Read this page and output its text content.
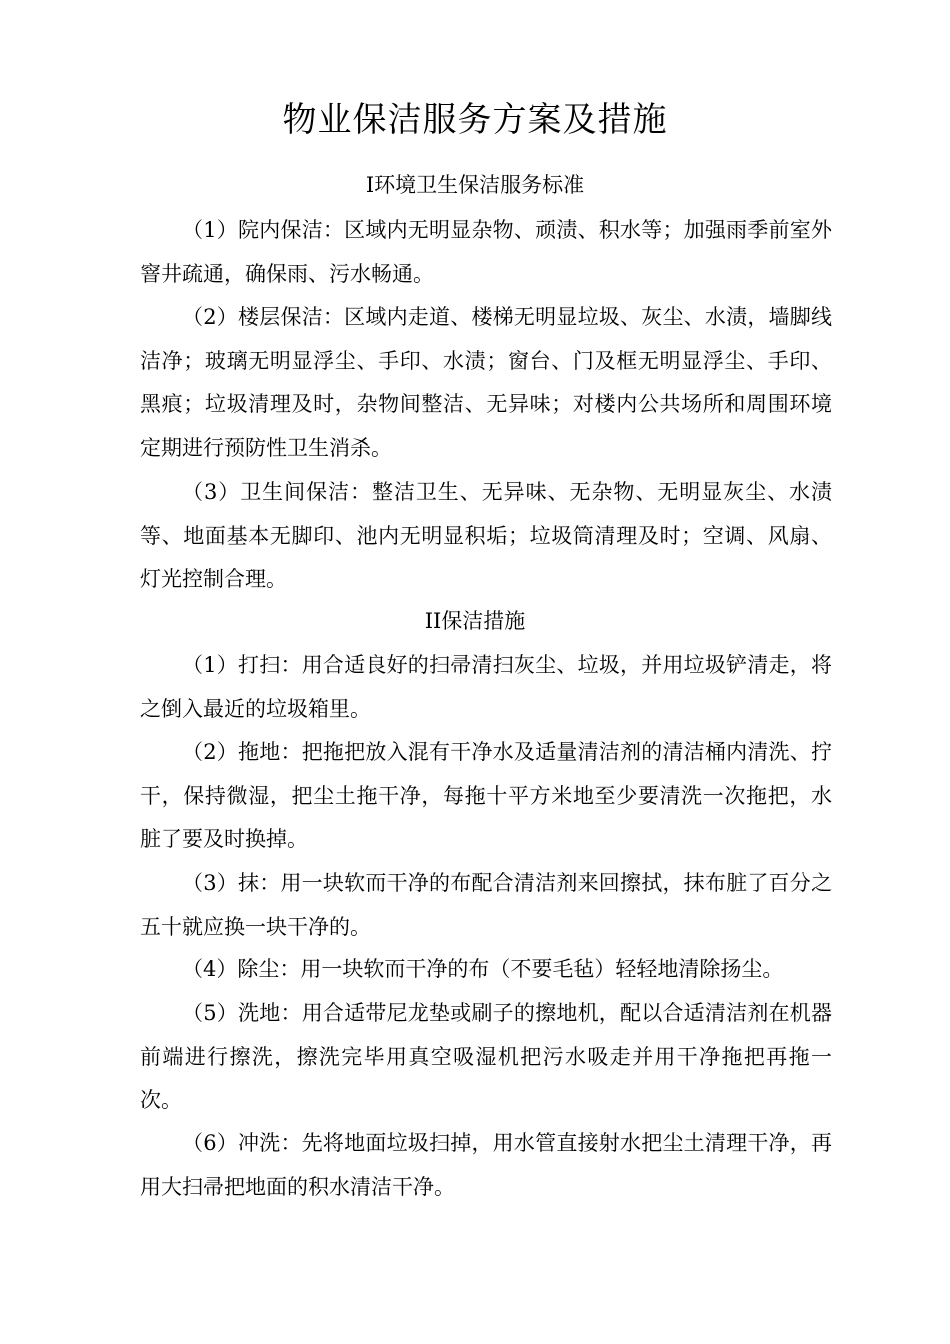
物业保洁服务方案及措施
I环境卫生保洁服务标准

（1）院内保洁：区域内无明显杂物、顽渍、积水等；加强雨季前室外窨井疏通，确保雨、污水畅通。

（2）楼层保洁：区域内走道、楼梯无明显垃圾、灰尘、水渍，墙脚线洁净；玻璃无明显浮尘、手印、水渍；窗台、门及框无明显浮尘、手印、黑痕；垃圾清理及时，杂物间整洁、无异味；对楼内公共场所和周围环境定期进行预防性卫生消杀。

（3）卫生间保洁：整洁卫生、无异味、无杂物、无明显灰尘、水渍等、地面基本无脚印、池内无明显积垢；垃圾筒清理及时；空调、风扇、灯光控制合理。

II保洁措施

（1）打扫：用合适良好的扫帚清扫灰尘、垃圾，并用垃圾铲清走，将之倒入最近的垃圾箱里。

（2）拖地：把拖把放入混有干净水及适量清洁剂的清洁桶内清洗、拧干，保持微湿，把尘土拖干净，每拖十平方米地至少要清洗一次拖把，水脏了要及时换掉。

（3）抹：用一块软而干净的布配合清洁剂来回擦拭，抹布脏了百分之五十就应换一块干净的。

（4）除尘：用一块软而干净的布（不要毛毡）轻轻地清除扬尘。

（5）洗地：用合适带尼龙垫或刷子的擦地机，配以合适清洁剂在机器前端进行擦洗，擦洗完毕用真空吸湿机把污水吸走并用干净拖把再拖一次。

（6）冲洗：先将地面垃圾扫掉，用水管直接射水把尘土清理干净，再用大扫帚把地面的积水清洁干净。
